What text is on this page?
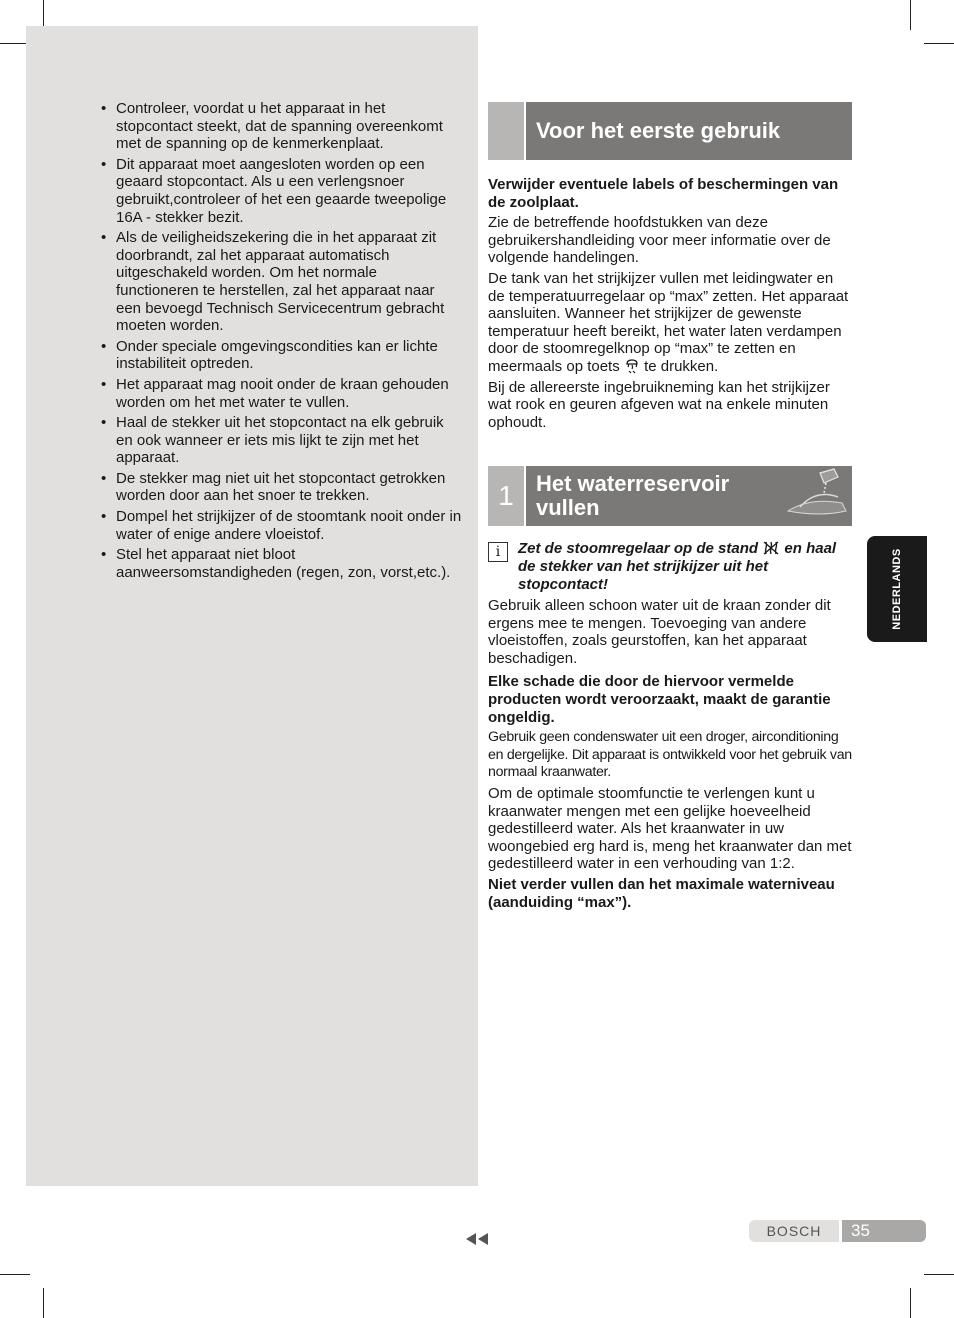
• Controleer, voordat u het apparaat in het stopcontact steekt, dat de spanning overeenkomt met de spanning op de kenmerkenplaat.
• Dit apparaat moet aangesloten worden op een geaard stopcontact. Als u een verlengsnoer gebruikt,controleer of het een geaarde tweepolige 16A - stekker bezit.
• Als de veiligheidszekering die in het apparaat zit doorbrandt, zal het apparaat automatisch uitgeschakeld worden. Om het normale functioneren te herstellen, zal het apparaat naar een bevoegd Technisch Servicecentrum gebracht moeten worden.
• Onder speciale omgevingscondities kan er lichte instabiliteit optreden.
• Het apparaat mag nooit onder de kraan gehouden worden om het met water te vullen.
• Haal de stekker uit het stopcontact na elk gebruik en ook wanneer er iets mis lijkt te zijn met het apparaat.
• De stekker mag niet uit het stopcontact getrokken worden door aan het snoer te trekken.
• Dompel het strijkijzer of de stoomtank nooit onder in water of enige andere vloeistof.
• Stel het apparaat niet bloot aanweersomstandigheden (regen, zon, vorst,etc.).
Voor het eerste gebruik

Verwijder eventuele labels of beschermingen van de zoolplaat.

Zie de betreffende hoofdstukken van deze gebruikershandleiding voor meer informatie over de volgende handelingen.

De tank van het strijkijzer vullen met leidingwater en de temperatuurregelaar op “max” zetten. Het apparaat aansluiten. Wanneer het strijkijzer de gewenste temperatuur heeft bereikt, het water laten verdampen door de stoomregelknop op “max” te zetten en meermaals op toets te drukken.

Bij de allereerste ingebruikneming kan het strijkijzer wat rook en geuren afgeven wat na enkele minuten ophoudt.

1	Het waterreservoir
vullen
i	Zet de stoomregelaar op de stand en haal de stekker van het strijkijzer uit het stopcontact!

Gebruik alleen schoon water uit de kraan zonder dit ergens mee te mengen. Toevoeging van andere vloeistoffen, zoals geurstoffen, kan het apparaat beschadigen.

Elke schade die door de hiervoor vermelde producten wordt veroorzaakt, maakt de garantie ongeldig.

Gebruik geen condenswater uit een droger, airconditioning en dergelijke. Dit apparaat is ontwikkeld voor het gebruik van normaal kraanwater.

Om de optimale stoomfunctie te verlengen kunt u kraanwater mengen met een gelijke hoeveelheid gedestilleerd water. Als het kraanwater in uw woongebied erg hard is, meng het kraanwater dan met gedestilleerd water in een verhouding van 1:2.

Niet verder vullen dan het maximale waterniveau (aanduiding “max”).

NEDERLANDS
BOSCH	35
